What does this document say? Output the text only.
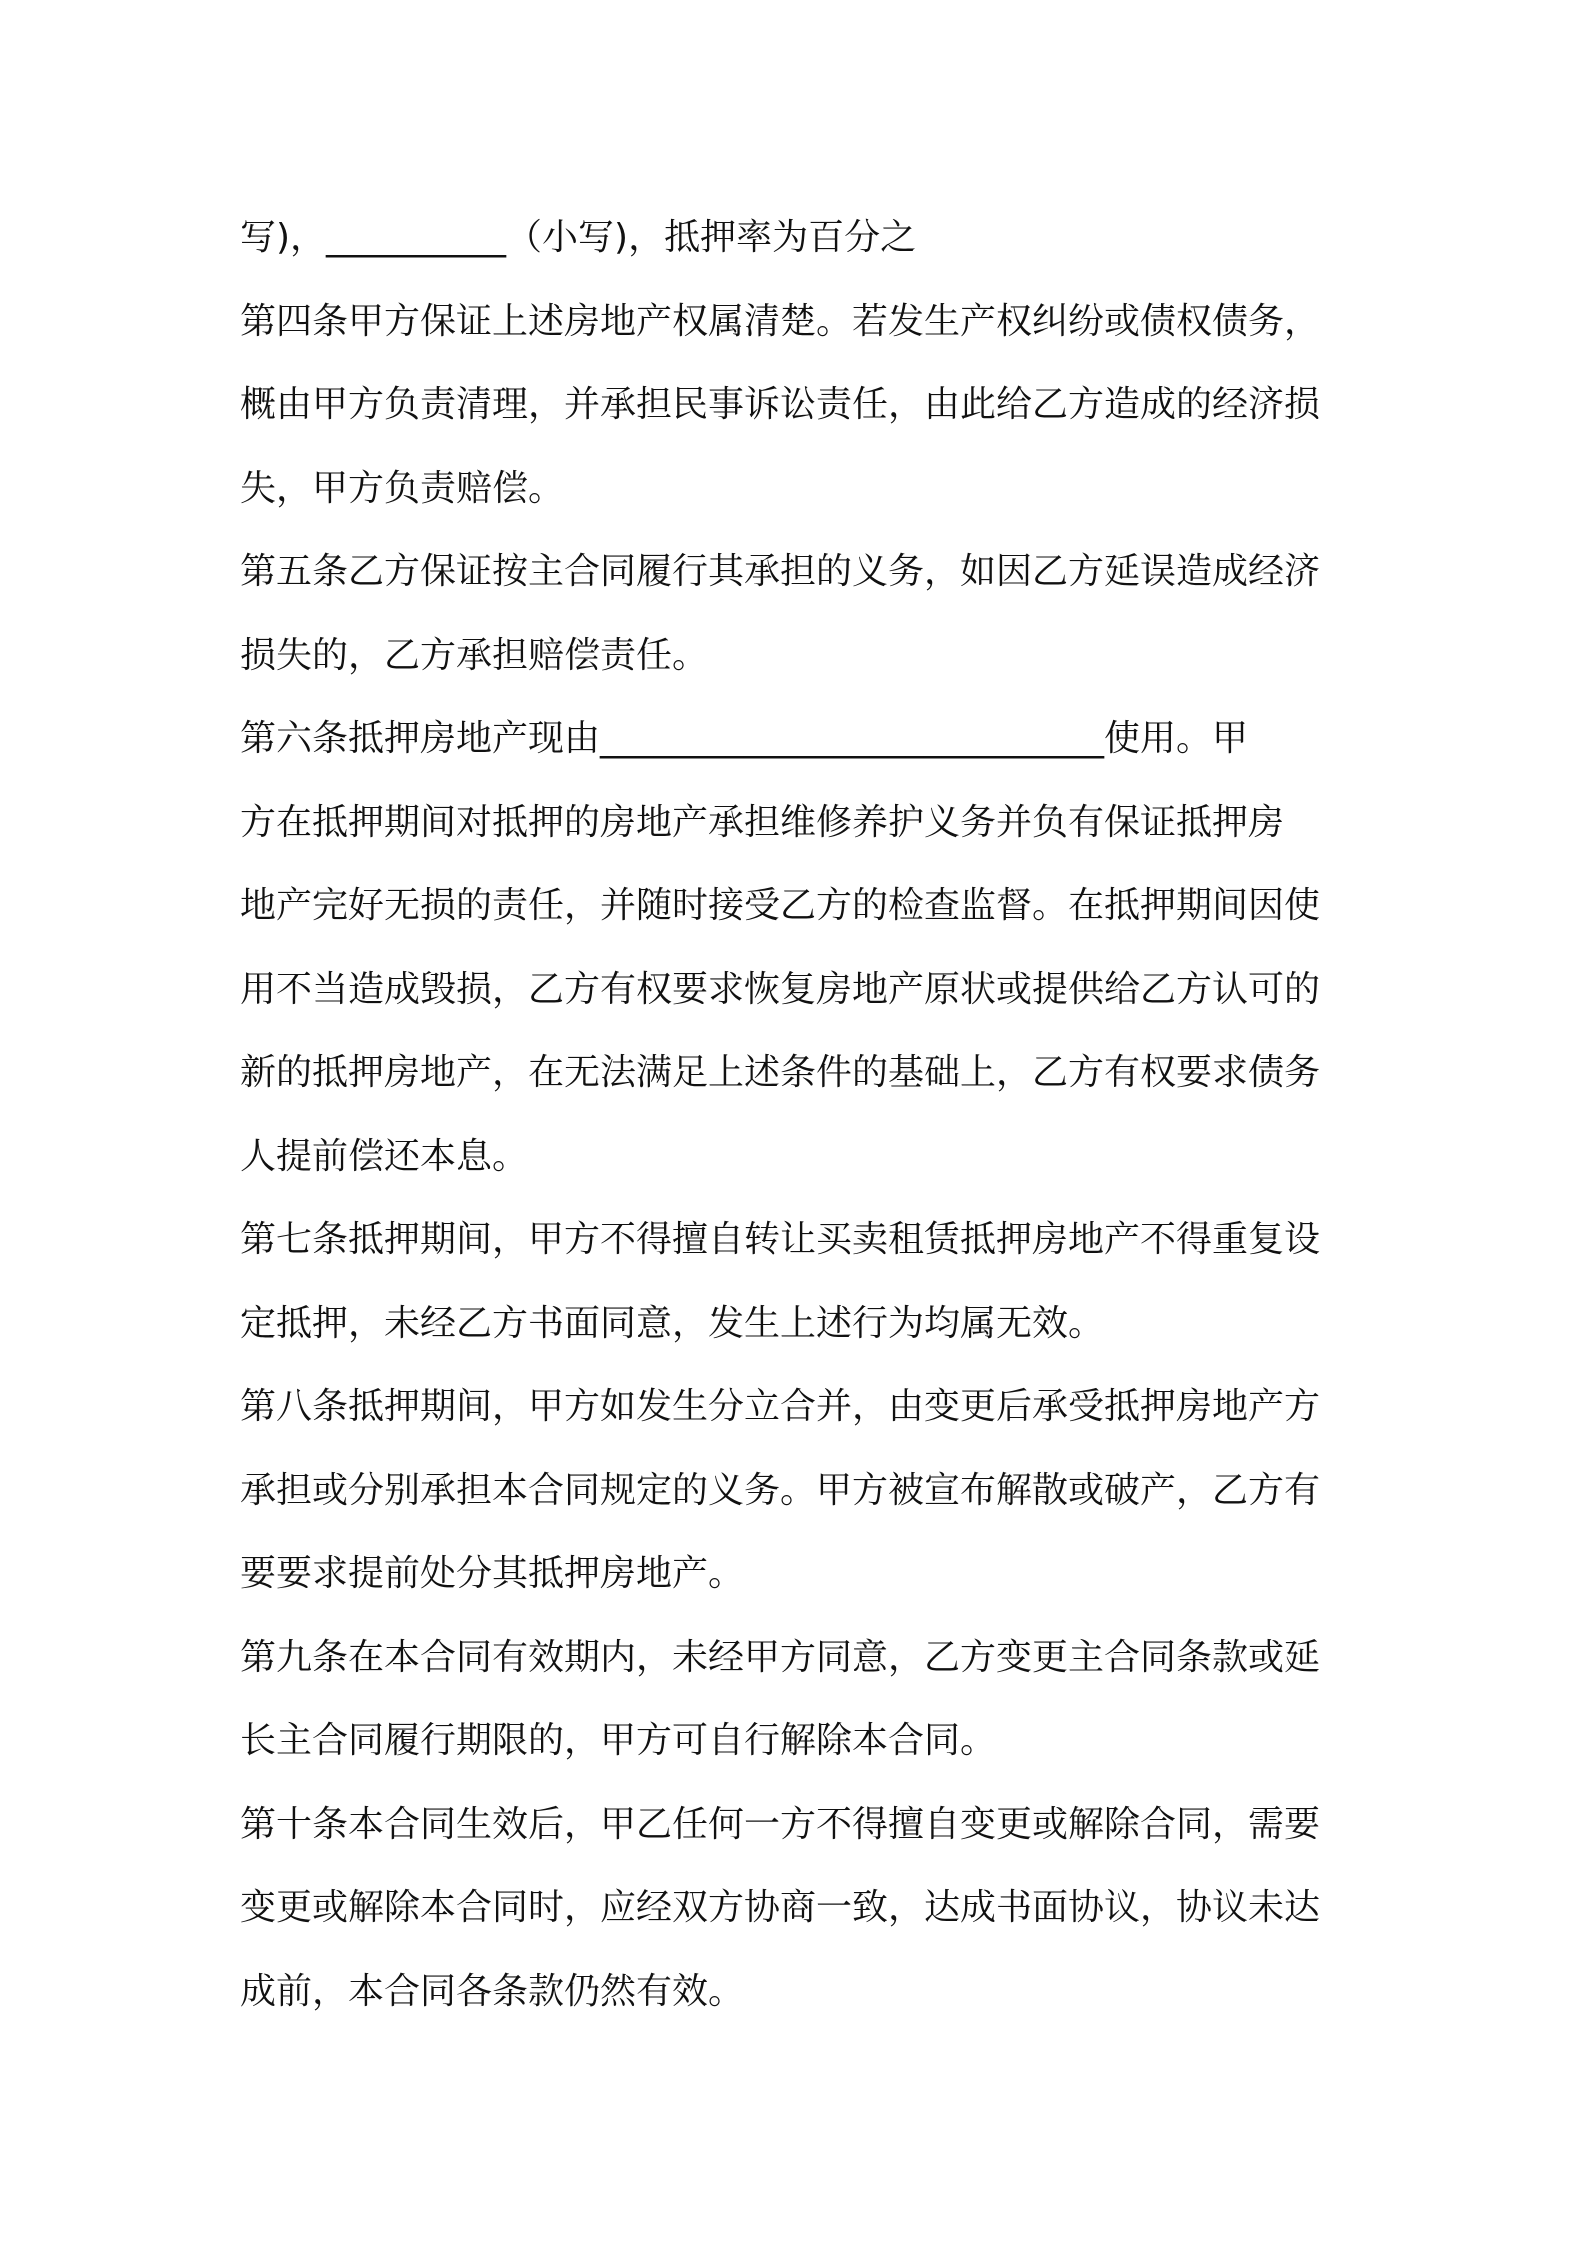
写)，__________（小写)，抵押率为百分之
第四条甲方保证上述房地产权属清楚。若发生产权纠纷或债权债务，
概由甲方负责清理，并承担民事诉讼责任，由此给乙方造成的经济损
失，甲方负责赔偿。
第五条乙方保证按主合同履行其承担的义务，如因乙方延误造成经济
损失的，乙方承担赔偿责任。
第六条抵押房地产现由____________________________使用。甲
方在抵押期间对抵押的房地产承担维修养护义务并负有保证抵押房
地产完好无损的责任，并随时接受乙方的检查监督。在抵押期间因使
用不当造成毁损，乙方有权要求恢复房地产原状或提供给乙方认可的
新的抵押房地产，在无法满足上述条件的基础上，乙方有权要求债务
人提前偿还本息。
第七条抵押期间，甲方不得擅自转让买卖租赁抵押房地产不得重复设
定抵押，未经乙方书面同意，发生上述行为均属无效。
第八条抵押期间，甲方如发生分立合并，由变更后承受抵押房地产方
承担或分别承担本合同规定的义务。甲方被宣布解散或破产，乙方有
要要求提前处分其抵押房地产。
第九条在本合同有效期内，未经甲方同意，乙方变更主合同条款或延
长主合同履行期限的，甲方可自行解除本合同。
第十条本合同生效后，甲乙任何一方不得擅自变更或解除合同，需要
变更或解除本合同时，应经双方协商一致，达成书面协议，协议未达
成前，本合同各条款仍然有效。
